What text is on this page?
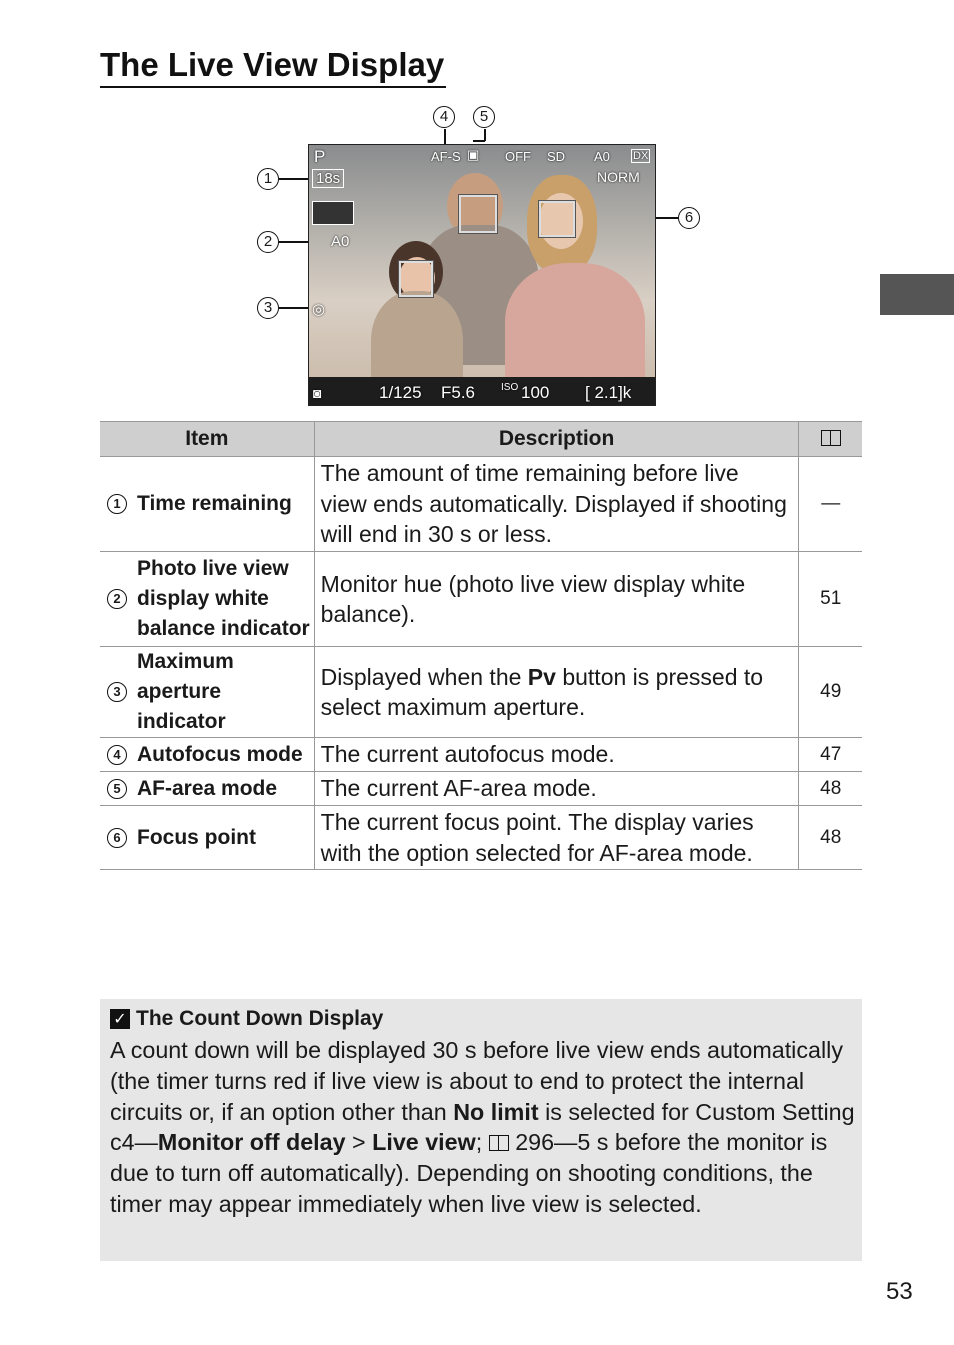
The Live View Display
1
2
3
4	5
6
P
18s
A0
◎
AF-S ▣ OFF SD A0 DX
NORM
◙	1/125 F5.6	ISO 100 [ 2.1]k
Item	Description	

1 Time remaining	The amount of time remaining before live view ends automatically. Displayed if shooting will end in 30 s or less.	—

2
Photo live view display white balance indicator	Monitor hue (photo live view display white balance).	51

3
Maximum aperture indicator	Displayed when the Pv button is pressed to select maximum aperture.	49

4 Autofocus mode	The current autofocus mode.	47

5 AF-area mode	The current AF-area mode.	48

6 Focus point	The current focus point. The display varies with the option selected for AF-area mode.	48
✓ The Count Down Display
A count down will be displayed 30 s before live view ends automatically (the timer turns red if live view is about to end to protect the internal circuits or, if an option other than No limit is selected for Custom Setting c4—Monitor off delay > Live view;  296—5 s before the monitor is due to turn off automatically). Depending on shooting conditions, the timer may appear immediately when live view is selected.
53
